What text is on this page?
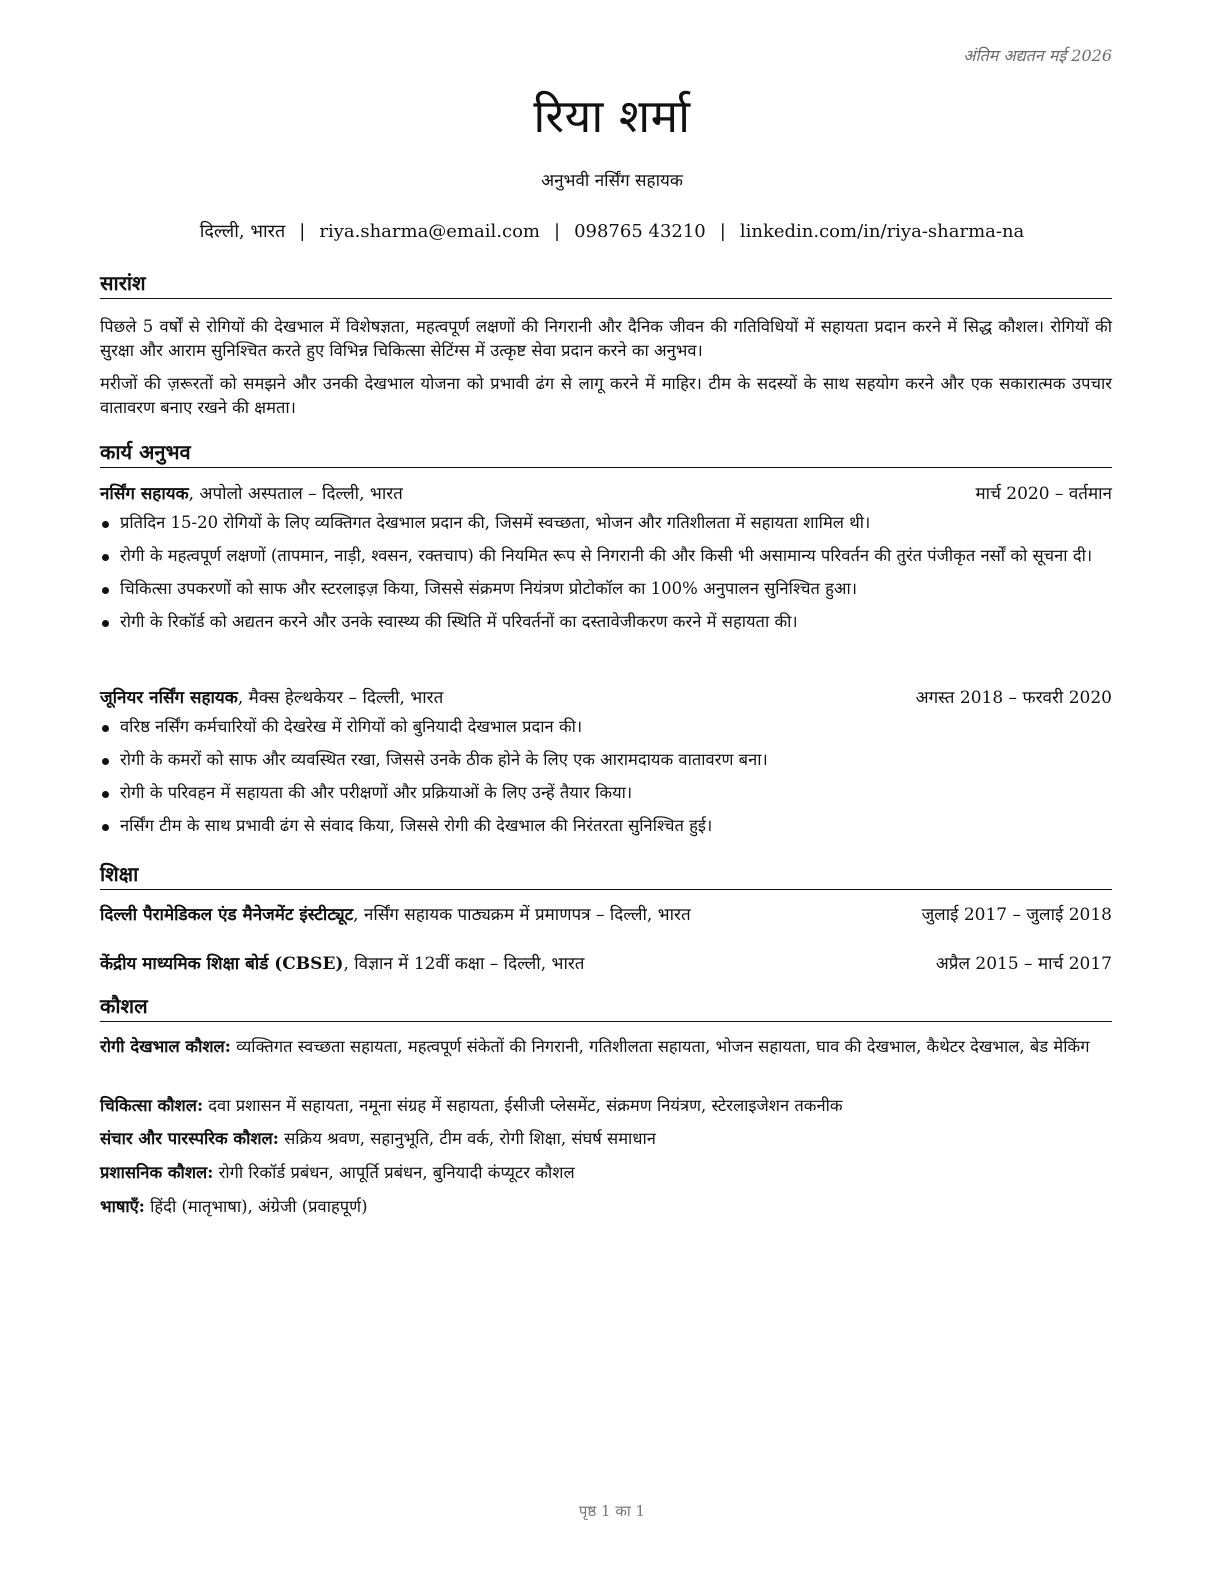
अंतिम अद्यतन मई 2026
रिया शर्मा
अनुभवी नर्सिंग सहायक
दिल्ली, भारत | riya.sharma@email.com | 098765 43210 | linkedin.com/in/riya-sharma-na
सारांश

पिछले 5 वर्षों से रोगियों की देखभाल में विशेषज्ञता, महत्वपूर्ण लक्षणों की निगरानी और दैनिक जीवन की गतिविधियों में सहायता प्रदान करने में सिद्ध कौशल। रोगियों की सुरक्षा और आराम सुनिश्चित करते हुए विभिन्न चिकित्सा सेटिंग्स में उत्कृष्ट सेवा प्रदान करने का अनुभव।

मरीजों की ज़रूरतों को समझने और उनकी देखभाल योजना को प्रभावी ढंग से लागू करने में माहिर। टीम के सदस्यों के साथ सहयोग करने और एक सकारात्मक उपचार वातावरण बनाए रखने की क्षमता।

कार्य अनुभव
नर्सिंग सहायक, अपोलो अस्पताल – दिल्ली, भारत	मार्च 2020 – वर्तमान
प्रतिदिन 15-20 रोगियों के लिए व्यक्तिगत देखभाल प्रदान की, जिसमें स्वच्छता, भोजन और गतिशीलता में सहायता शामिल थी।
रोगी के महत्वपूर्ण लक्षणों (तापमान, नाड़ी, श्वसन, रक्तचाप) की नियमित रूप से निगरानी की और किसी भी असामान्य परिवर्तन की तुरंत पंजीकृत नर्सों को सूचना दी।
चिकित्सा उपकरणों को साफ और स्टरलाइज़ किया, जिससे संक्रमण नियंत्रण प्रोटोकॉल का 100% अनुपालन सुनिश्चित हुआ।
रोगी के रिकॉर्ड को अद्यतन करने और उनके स्वास्थ्य की स्थिति में परिवर्तनों का दस्तावेजीकरण करने में सहायता की।
जूनियर नर्सिंग सहायक, मैक्स हेल्थकेयर – दिल्ली, भारत	अगस्त 2018 – फरवरी 2020
वरिष्ठ नर्सिंग कर्मचारियों की देखरेख में रोगियों को बुनियादी देखभाल प्रदान की।
रोगी के कमरों को साफ और व्यवस्थित रखा, जिससे उनके ठीक होने के लिए एक आरामदायक वातावरण बना।
रोगी के परिवहन में सहायता की और परीक्षणों और प्रक्रियाओं के लिए उन्हें तैयार किया।
नर्सिंग टीम के साथ प्रभावी ढंग से संवाद किया, जिससे रोगी की देखभाल की निरंतरता सुनिश्चित हुई।
शिक्षा
दिल्ली पैरामेडिकल एंड मैनेजमेंट इंस्टीट्यूट, नर्सिंग सहायक पाठ्यक्रम में प्रमाणपत्र – दिल्ली, भारत	जुलाई 2017 – जुलाई 2018
केंद्रीय माध्यमिक शिक्षा बोर्ड (CBSE), विज्ञान में 12वीं कक्षा – दिल्ली, भारत	अप्रैल 2015 – मार्च 2017
कौशल
रोगी देखभाल कौशल: व्यक्तिगत स्वच्छता सहायता, महत्वपूर्ण संकेतों की निगरानी, गतिशीलता सहायता, भोजन सहायता, घाव की देखभाल, कैथेटर देखभाल, बेड मेकिंग
चिकित्सा कौशल: दवा प्रशासन में सहायता, नमूना संग्रह में सहायता, ईसीजी प्लेसमेंट, संक्रमण नियंत्रण, स्टेरलाइजेशन तकनीक
संचार और पारस्परिक कौशल: सक्रिय श्रवण, सहानुभूति, टीम वर्क, रोगी शिक्षा, संघर्ष समाधान
प्रशासनिक कौशल: रोगी रिकॉर्ड प्रबंधन, आपूर्ति प्रबंधन, बुनियादी कंप्यूटर कौशल
भाषाएँ: हिंदी (मातृभाषा), अंग्रेजी (प्रवाहपूर्ण)
पृष्ठ 1 का 1
